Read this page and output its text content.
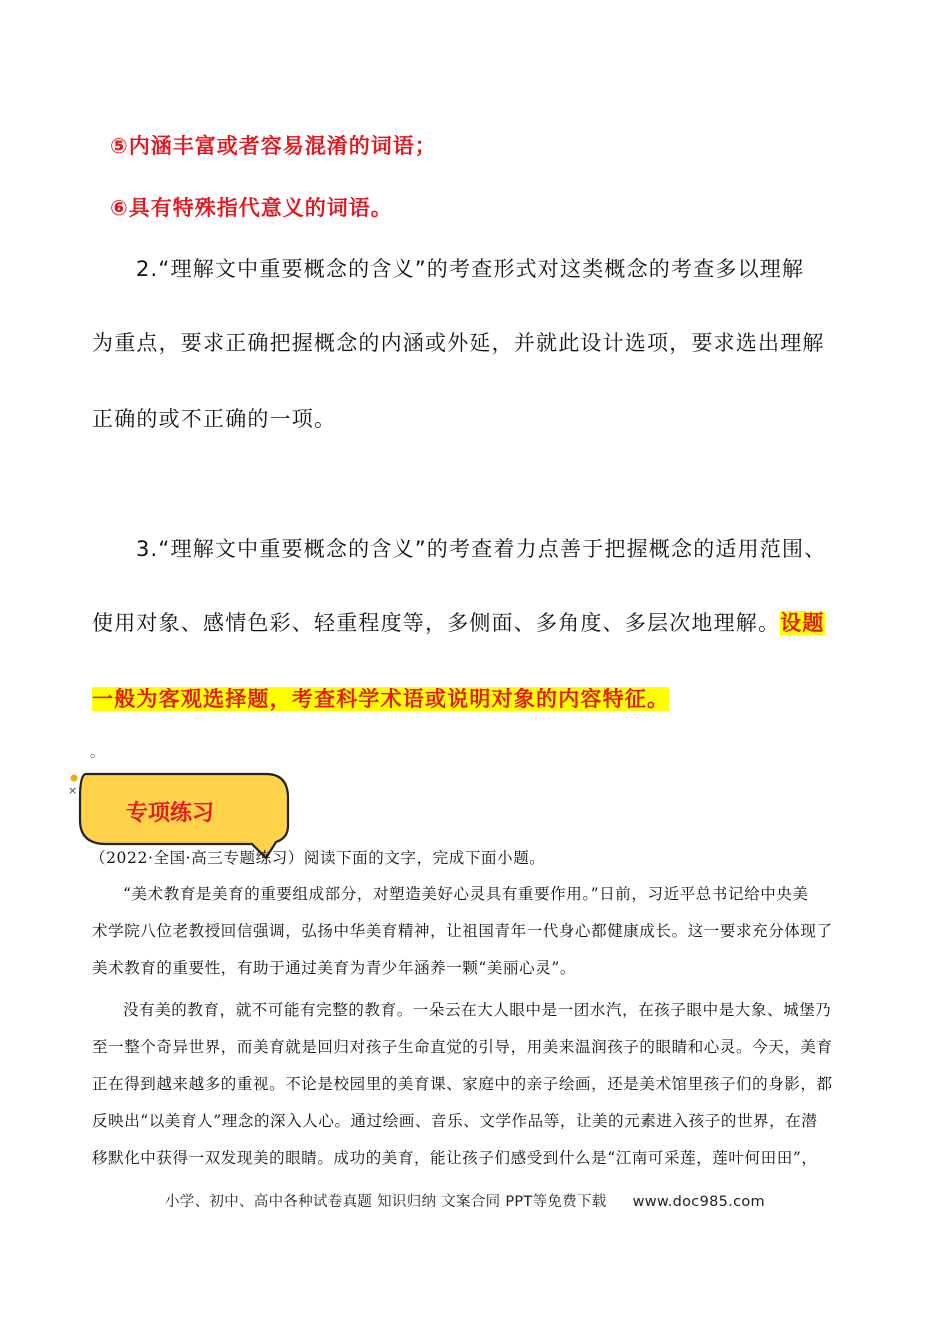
⑤内涵丰富或者容易混淆的词语；
⑥具有特殊指代意义的词语。
2.“理解文中重要概念的含义”的考查形式对这类概念的考查多以理解
为重点，要求正确把握概念的内涵或外延，并就此设计选项，要求选出理解
正确的或不正确的一项。
3.“理解文中重要概念的含义”的考查着力点善于把握概念的适用范围、
使用对象、感情色彩、轻重程度等，多侧面、多角度、多层次地理解。设题
一般为客观选择题，考查科学术语或说明对象的内容特征。
。
×
专项练习
（2022·全国·高三专题练习）阅读下面的文字，完成下面小题。
“美术教育是美育的重要组成部分，对塑造美好心灵具有重要作用。”日前，习近平总书记给中央美
术学院八位老教授回信强调，弘扬中华美育精神，让祖国青年一代身心都健康成长。这一要求充分体现了
美术教育的重要性，有助于通过美育为青少年涵养一颗“美丽心灵”。
没有美的教育，就不可能有完整的教育。一朵云在大人眼中是一团水汽，在孩子眼中是大象、城堡乃
至一整个奇异世界，而美育就是回归对孩子生命直觉的引导，用美来温润孩子的眼睛和心灵。今天，美育
正在得到越来越多的重视。不论是校园里的美育课、家庭中的亲子绘画，还是美术馆里孩子们的身影，都
反映出“以美育人”理念的深入人心。通过绘画、音乐、文学作品等，让美的元素进入孩子的世界，在潜
移默化中获得一双发现美的眼睛。成功的美育，能让孩子们感受到什么是“江南可采莲，莲叶何田田”，
小学、初中、高中各种试卷真题 知识归纳 文案合同 PPT等免费下载 www.doc985.com
